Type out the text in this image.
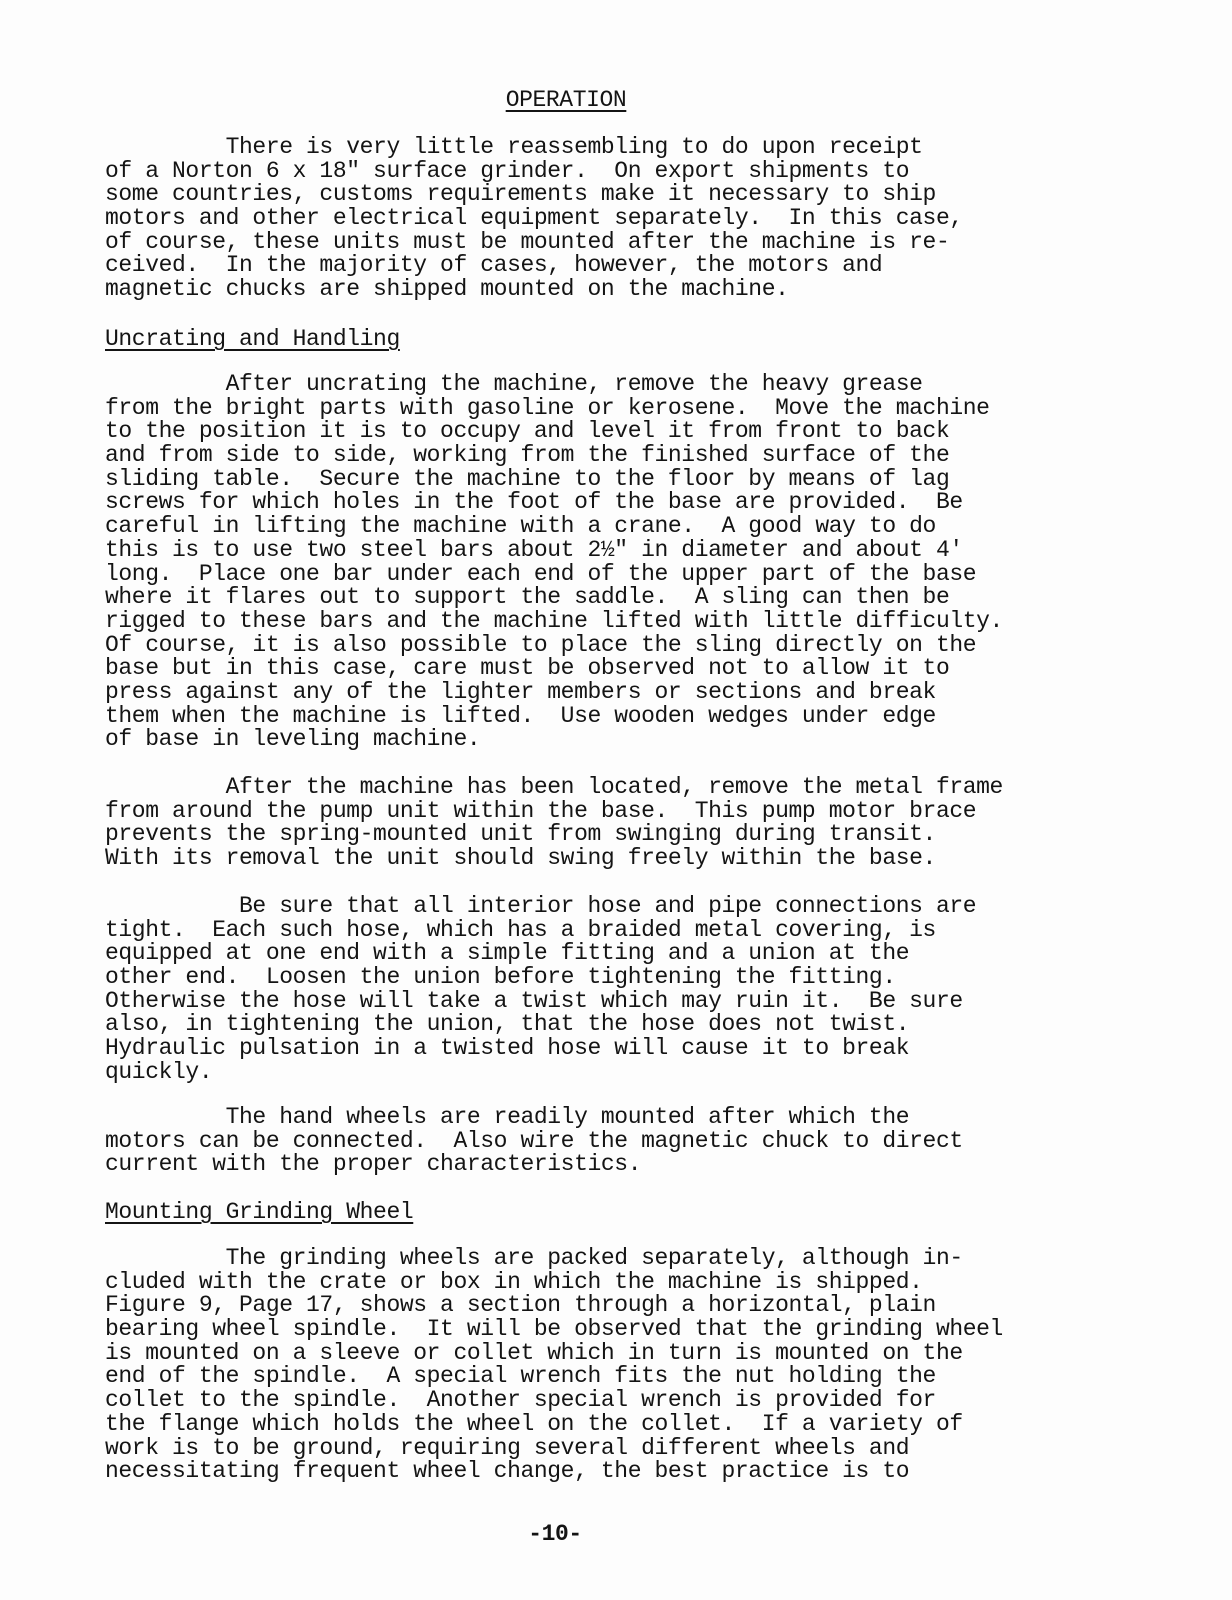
OPERATION
There is very little reassembling to do upon receipt
of a Norton 6 x 18" surface grinder.  On export shipments to
some countries, customs requirements make it necessary to ship
motors and other electrical equipment separately.  In this case,
of course, these units must be mounted after the machine is re-
ceived.  In the majority of cases, however, the motors and
magnetic chucks are shipped mounted on the machine.
Uncrating and Handling
After uncrating the machine, remove the heavy grease
from the bright parts with gasoline or kerosene.  Move the machine
to the position it is to occupy and level it from front to back
and from side to side, working from the finished surface of the
sliding table.  Secure the machine to the floor by means of lag
screws for which holes in the foot of the base are provided.  Be
careful in lifting the machine with a crane.  A good way to do
this is to use two steel bars about 2½" in diameter and about 4'
long.  Place one bar under each end of the upper part of the base
where it flares out to support the saddle.  A sling can then be
rigged to these bars and the machine lifted with little difficulty.
Of course, it is also possible to place the sling directly on the
base but in this case, care must be observed not to allow it to
press against any of the lighter members or sections and break
them when the machine is lifted.  Use wooden wedges under edge
of base in leveling machine.
After the machine has been located, remove the metal frame
from around the pump unit within the base.  This pump motor brace
prevents the spring-mounted unit from swinging during transit.
With its removal the unit should swing freely within the base.
Be sure that all interior hose and pipe connections are
tight.  Each such hose, which has a braided metal covering, is
equipped at one end with a simple fitting and a union at the
other end.  Loosen the union before tightening the fitting.
Otherwise the hose will take a twist which may ruin it.  Be sure
also, in tightening the union, that the hose does not twist.
Hydraulic pulsation in a twisted hose will cause it to break
quickly.
The hand wheels are readily mounted after which the
motors can be connected.  Also wire the magnetic chuck to direct
current with the proper characteristics.
Mounting Grinding Wheel
The grinding wheels are packed separately, although in-
cluded with the crate or box in which the machine is shipped.
Figure 9, Page 17, shows a section through a horizontal, plain
bearing wheel spindle.  It will be observed that the grinding wheel
is mounted on a sleeve or collet which in turn is mounted on the
end of the spindle.  A special wrench fits the nut holding the
collet to the spindle.  Another special wrench is provided for
the flange which holds the wheel on the collet.  If a variety of
work is to be ground, requiring several different wheels and
necessitating frequent wheel change, the best practice is to
-10-
